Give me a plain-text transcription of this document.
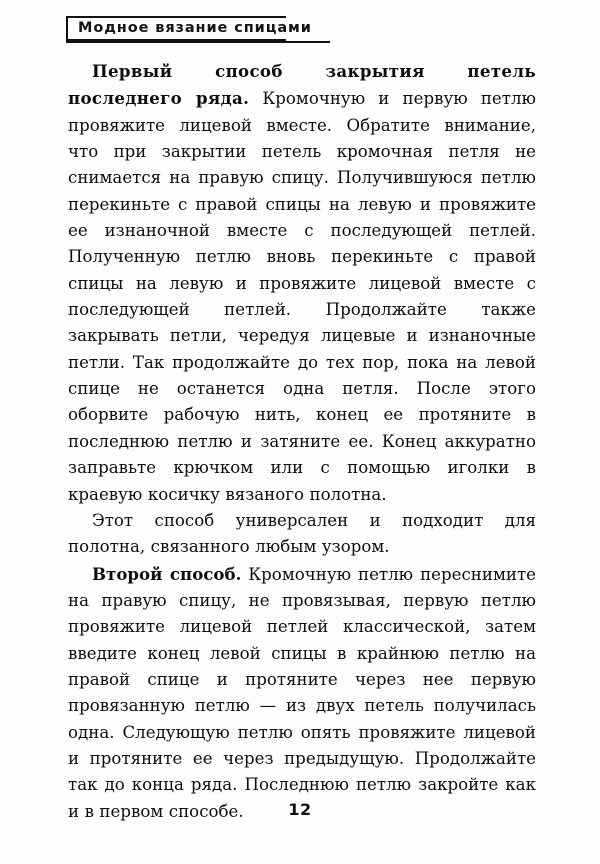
Модное вязание спицами

Первый способ закрытия петель последнего ряда. Кромочную и первую петлю провяжите лицевой вместе. Обратите внимание, что при закрытии петель кромочная петля не снимается на правую спицу. Получившуюся петлю перекиньте с правой спицы на левую и провяжите ее изнаночной вместе с последующей петлей. Полученную петлю вновь перекиньте с правой спицы на левую и провяжите лицевой вместе с последующей петлей. Продолжайте также закрывать петли, чередуя лицевые и изнаночные петли. Так продолжайте до тех пор, пока на левой спице не останется одна петля. После этого оборвите рабочую нить, конец ее протяните в последнюю петлю и затяните ее. Конец аккуратно заправьте крючком или с помощью иголки в краевую косичку вязаного полотна.

Этот способ универсален и подходит для полотна, связанного любым узором.

Второй способ. Кромочную петлю переснимите на правую спицу, не провязывая, первую петлю провяжите лицевой петлей классической, затем введите конец левой спицы в крайнюю петлю на правой спице и протяните через нее первую провязанную петлю — из двух петель получилась одна. Следующую петлю опять провяжите лицевой и протяните ее через предыдущую. Продолжайте так до конца ряда. Последнюю петлю закройте как и в первом способе.	12
